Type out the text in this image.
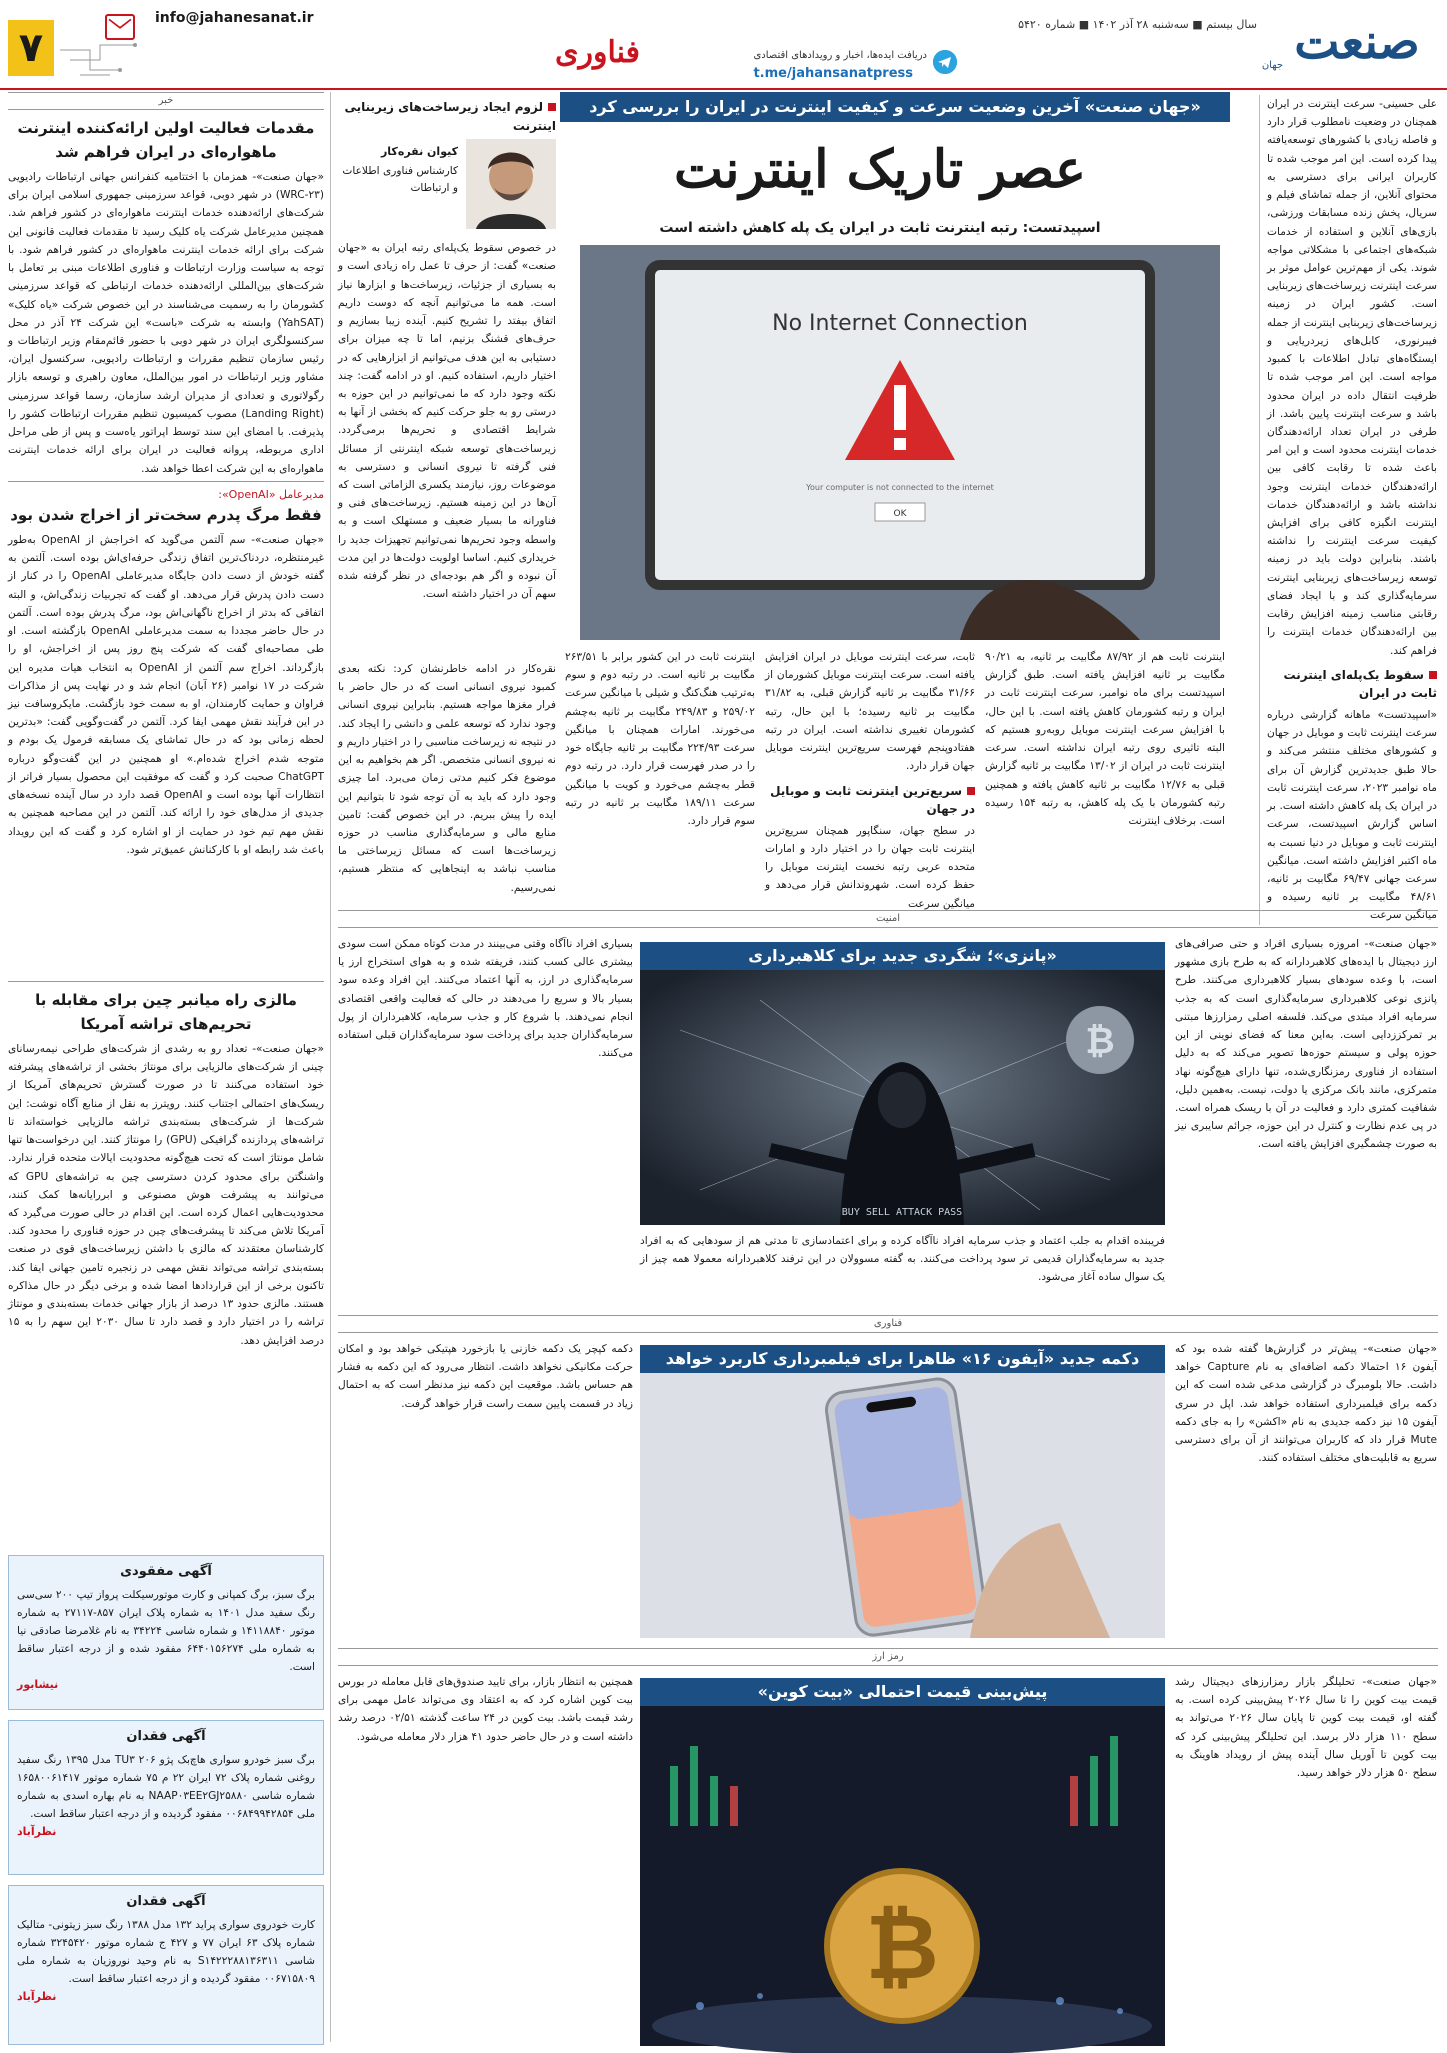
صنعت
جهان
سال بیستم ■ سه‌شنبه ۲۸ آذر ۱۴۰۲ ■ شماره ۵۴۲۰
دریافت ایده‌ها، اخبار و رویدادهای اقتصادی
t.me/jahansanatpress
فناوری
info@jahanesanat.ir
۷
علی حسینی- سرعت اینترنت در ایران همچنان در وضعیت نامطلوب قرار دارد و فاصله زیادی با کشورهای توسعه‌یافته پیدا کرده است. این امر موجب شده تا کاربران ایرانی برای دسترسی به محتوای آنلاین، از جمله تماشای فیلم و سریال، پخش زنده مسابقات ورزشی، بازی‌های آنلاین و استفاده از خدمات شبکه‌های اجتماعی با مشکلاتی مواجه شوند. یکی از مهم‌ترین عوامل موثر بر سرعت اینترنت زیرساخت‌های زیربنایی است. کشور ایران در زمینه زیرساخت‌های زیربنایی اینترنت از جمله فیبرنوری، کابل‌های زیردریایی و ایستگاه‌های تبادل اطلاعات با کمبود مواجه است. این امر موجب شده تا ظرفیت انتقال داده در ایران محدود باشد و سرعت اینترنت پایین باشد. از طرفی در ایران تعداد ارائه‌دهندگان خدمات اینترنت محدود است و این امر باعث شده تا رقابت کافی بین ارائه‌دهندگان خدمات اینترنت وجود نداشته باشد و ارائه‌دهندگان خدمات اینترنت انگیزه کافی برای افزایش کیفیت سرعت اینترنت را نداشته باشند. بنابراین دولت باید در زمینه توسعه زیرساخت‌های زیربنایی اینترنت سرمایه‌گذاری کند و با ایجاد فضای رقابتی مناسب زمینه افزایش رقابت بین ارائه‌دهندگان خدمات اینترنت را فراهم کند.
سقوط یک‌پله‌ای اینترنت ثابت در ایران
«اسپیدتست» ماهانه گزارشی درباره سرعت اینترنت ثابت و موبایل در جهان و کشورهای مختلف منتشر می‌کند و حالا طبق جدیدترین گزارش آن برای ماه نوامبر ۲۰۲۳، سرعت اینترنت ثابت در ایران یک پله کاهش داشته است. بر اساس گزارش اسپیدتست، سرعت اینترنت ثابت و موبایل در دنیا نسبت به ماه اکتبر افزایش داشته است. میانگین سرعت جهانی ۶۹/۴۷ مگابیت بر ثانیه، ۴۸/۶۱ مگابیت بر ثانیه رسیده و میانگین سرعت
«جهان صنعت» آخرین وضعیت سرعت و کیفیت اینترنت در ایران را بررسی کرد
عصر تاریک اینترنت
اسپیدتست: رتبه اینترنت ثابت در ایران یک پله کاهش داشته است
No Internet Connection
Your computer is not connected to the internet
OK
اینترنت ثابت هم از ۸۷/۹۲ مگابیت بر ثانیه، به ۹۰/۲۱ مگابیت بر ثانیه افزایش یافته است. طبق گزارش اسپیدتست برای ماه نوامبر، سرعت اینترنت ثابت در ایران و رتبه کشورمان کاهش یافته است. با این حال، با افزایش سرعت اینترنت موبایل روبه‌رو هستیم که البته تاثیری روی رتبه ایران نداشته است. سرعت اینترنت ثابت در ایران از ۱۳/۰۲ مگابیت بر ثانیه گزارش قبلی به ۱۲/۷۶ مگابیت بر ثانیه کاهش یافته و همچنین رتبه کشورمان با یک پله کاهش، به رتبه ۱۵۴ رسیده است. برخلاف اینترنت
ثابت، سرعت اینترنت موبایل در ایران افزایش یافته است. سرعت اینترنت موبایل کشورمان از ۳۱/۶۶ مگابیت بر ثانیه گزارش قبلی، به ۳۱/۸۲ مگابیت بر ثانیه رسیده؛ با این حال، رتبه کشورمان تغییری نداشته است. ایران در رتبه هفتادوپنجم فهرست سریع‌ترین اینترنت موبایل جهان قرار دارد.
سریع‌ترین اینترنت ثابت و موبایل در جهان
در سطح جهان، سنگاپور همچنان سریع‌ترین اینترنت ثابت جهان را در اختیار دارد و امارات متحده عربی رتبه نخست اینترنت موبایل را حفظ کرده است. شهروندانش قرار می‌دهد و میانگین سرعت
اینترنت ثابت در این کشور برابر با ۲۶۳/۵۱ مگابیت بر ثانیه است. در رتبه دوم و سوم به‌ترتیب هنگ‌کنگ و شیلی با میانگین سرعت ۲۵۹/۰۲ و ۲۴۹/۸۳ مگابیت بر ثانیه به‌چشم می‌خورند. امارات همچنان با میانگین سرعت ۲۲۴/۹۳ مگابیت بر ثانیه جایگاه خود را در صدر فهرست قرار دارد. در رتبه دوم قطر به‌چشم می‌خورد و کویت با میانگین سرعت ۱۸۹/۱۱ مگابیت بر ثانیه در رتبه سوم قرار دارد.
لزوم ایجاد زیرساخت‌های زیربنایی اینترنت
کیوان نقره‌کار
کارشناس فناوری اطلاعات و ارتباطات
در خصوص سقوط یک‌پله‌ای رتبه ایران به «جهان صنعت» گفت: از حرف تا عمل راه زیادی است و به بسیاری از جزئیات، زیرساخت‌ها و ابزارها نیاز است. همه ما می‌توانیم آنچه که دوست داریم اتفاق بیفتد را تشریح کنیم. آینده زیبا بسازیم و حرف‌های قشنگ بزنیم، اما تا چه میزان برای دستیابی به این هدف می‌توانیم از ابزارهایی که در اختیار داریم، استفاده کنیم. او در ادامه گفت: چند نکته وجود دارد که ما نمی‌توانیم در این حوزه به درستی رو به جلو حرکت کنیم که بخشی از آنها به شرایط اقتصادی و تحریم‌ها برمی‌گردد. زیرساخت‌های توسعه شبکه اینترنتی از مسائل فنی گرفته تا نیروی انسانی و دسترسی به موضوعات روز، نیازمند یکسری الزاماتی است که آن‌ها در این زمینه هستیم. زیرساخت‌های فنی و فناورانه ما بسیار ضعیف و مستهلک است و به واسطه وجود تحریم‌ها نمی‌توانیم تجهیزات جدید را خریداری کنیم. اساسا اولویت دولت‌ها در این مدت آن نبوده و اگر هم بودجه‌ای در نظر گرفته شده سهم آن در اختیار داشته است.
نقره‌کار در ادامه خاطرنشان کرد: نکته بعدی کمبود نیروی انسانی است که در حال حاضر با فرار مغزها مواجه هستیم. بنابراین نیروی انسانی وجود ندارد که توسعه علمی و دانشی را ایجاد کند. در نتیجه نه زیرساخت مناسبی را در اختیار داریم و نه نیروی انسانی متخصص. اگر هم بخواهیم به این موضوع فکر کنیم مدتی زمان می‌برد. اما چیزی وجود دارد که باید به آن توجه شود تا بتوانیم این ایده را پیش ببریم. در این خصوص گفت: تامین منابع مالی و سرمایه‌گذاری مناسب در حوزه زیرساخت‌ها است که مسائل زیرساختی ما مناسب نباشد به اینجاهایی که منتظر هستیم، نمی‌رسیم.
خبر
مقدمات فعالیت اولین ارائه‌کننده اینترنت ماهواره‌ای در ایران فراهم شد
«جهان صنعت»- همزمان با اختتامیه کنفرانس جهانی ارتباطات رادیویی (WRC-۲۳) در شهر دوبی، قواعد سرزمینی جمهوری اسلامی ایران برای شرکت‌های ارائه‌دهنده خدمات اینترنت ماهواره‌ای در کشور فراهم شد. همچنین مدیرعامل شرکت یاه کلیک رسید تا مقدمات فعالیت قانونی این شرکت برای ارائه خدمات اینترنت ماهواره‌ای در کشور فراهم شود. با توجه به سیاست وزارت ارتباطات و فناوری اطلاعات مبنی بر تعامل با شرکت‌های بین‌المللی ارائه‌دهنده خدمات ارتباطی که قواعد سرزمینی کشورمان را به رسمیت می‌شناسند در این خصوص شرکت «یاه کلیک» (YahSAT) وابسته به شرکت «باست» این شرکت ۲۴ آذر در محل سرکنسولگری ایران در شهر دوبی با حضور قائم‌مقام وزیر ارتباطات و رئیس سازمان تنظیم مقررات و ارتباطات رادیویی، سرکنسول ایران، مشاور وزیر ارتباطات در امور بین‌الملل، معاون راهبری و توسعه بازار رگولاتوری و تعدادی از مدیران ارشد سازمان، رسما قواعد سرزمینی (Landing Right) مصوب کمیسیون تنظیم مقررات ارتباطات کشور را پذیرفت. با امضای این سند توسط اپراتور یاه‌ست و پس از طی مراحل اداری مربوطه، پروانه فعالیت در ایران برای ارائه خدمات اینترنت ماهواره‌ای به این شرکت اعطا خواهد شد.
مدیرعامل «OpenAI»:
فقط مرگ پدرم سخت‌تر از اخراج شدن بود
«جهان صنعت»- سم آلتمن می‌گوید که اخراجش از OpenAI به‌طور غیرمنتظره، دردناک‌ترین اتفاق زندگی حرفه‌ای‌اش بوده است. آلتمن به گفته خودش از دست دادن جایگاه مدیرعاملی OpenAI را در کنار از دست دادن پدرش قرار می‌دهد. او گفت که تجربیات زندگی‌اش، و البته اتفاقی که بدتر از اخراج ناگهانی‌اش بود، مرگ پدرش بوده است. آلتمن در حال حاضر مجددا به سمت مدیرعاملی OpenAI بازگشته است. او طی مصاحبه‌ای گفت که شرکت پنج روز پس از اخراجش، او را بازگرداند. اخراج سم آلتمن از OpenAI به انتخاب هیات مدیره این شرکت در ۱۷ نوامبر (۲۶ آبان) انجام شد و در نهایت پس از مذاکرات فراوان و حمایت کارمندان، او به سمت خود بازگشت. مایکروسافت نیز در این فرآیند نقش مهمی ایفا کرد. آلتمن در گفت‌وگویی گفت: «بدترین لحظه زمانی بود که در حال تماشای یک مسابقه فرمول یک بودم و متوجه شدم اخراج شده‌ام.» او همچنین در این گفت‌وگو درباره ChatGPT صحبت کرد و گفت که موفقیت این محصول بسیار فراتر از انتظارات آنها بوده است و OpenAI قصد دارد در سال آینده نسخه‌های جدیدی از مدل‌های خود را ارائه کند. آلتمن در این مصاحبه همچنین به نقش مهم تیم خود در حمایت از او اشاره کرد و گفت که این رویداد باعث شد رابطه او با کارکنانش عمیق‌تر شود.
مالزی راه میانبر چین برای مقابله با تحریم‌های تراشه آمریکا
«جهان صنعت»- تعداد رو به رشدی از شرکت‌های طراحی نیمه‌رسانای چینی از شرکت‌های مالزیایی برای مونتاژ بخشی از تراشه‌های پیشرفته خود استفاده می‌کنند تا در صورت گسترش تحریم‌های آمریکا از ریسک‌های احتمالی اجتناب کنند. رویترز به نقل از منابع آگاه نوشت: این شرکت‌ها از شرکت‌های بسته‌بندی تراشه مالزیایی خواسته‌اند تا تراشه‌های پردازنده گرافیکی (GPU) را مونتاژ کنند. این درخواست‌ها تنها شامل مونتاژ است که تحت هیچ‌گونه محدودیت ایالات متحده قرار ندارد. واشنگتن برای محدود کردن دسترسی چین به تراشه‌های GPU که می‌توانند به پیشرفت هوش مصنوعی و ابررایانه‌ها کمک کنند، محدودیت‌هایی اعمال کرده است. این اقدام در حالی صورت می‌گیرد که آمریکا تلاش می‌کند تا پیشرفت‌های چین در حوزه فناوری را محدود کند. کارشناسان معتقدند که مالزی با داشتن زیرساخت‌های قوی در صنعت بسته‌بندی تراشه می‌تواند نقش مهمی در زنجیره تامین جهانی ایفا کند. تاکنون برخی از این قراردادها امضا شده و برخی دیگر در حال مذاکره هستند. مالزی حدود ۱۳ درصد از بازار جهانی خدمات بسته‌بندی و مونتاژ تراشه را در اختیار دارد و قصد دارد تا سال ۲۰۳۰ این سهم را به ۱۵ درصد افزایش دهد.
آگهی مفقودی
برگ سبز، برگ کمپانی و کارت موتورسیکلت پرواز تیپ ۲۰۰ سی‌سی رنگ سفید مدل ۱۴۰۱ به شماره پلاک ایران ۸۵۷-۲۷۱۱۷ به شماره موتور ۱۴۱۱۸۸۴۰ و شماره شاسی ۳۴۲۲۴ به نام غلامرضا صادقی نیا به شماره ملی ۶۴۴۰۱۵۶۲۷۴ مفقود شده و از درجه اعتبار ساقط است.
نیشابور
آگهی فقدان
برگ سبز خودرو سواری هاچ‌بک پژو ۲۰۶ TU۳ مدل ۱۳۹۵ رنگ سفید روغنی شماره پلاک ۷۲ ایران ۲۲ م ۷۵ شماره موتور ۱۶۵۸۰۰۶۱۴۱۷ شماره شاسی NAAP۰۳EE۲GJ۲۵۸۸۰ به نام بهاره اسدی به شماره ملی ۰۰۶۸۴۹۹۴۲۸۵۴ مفقود گردیده و از درجه اعتبار ساقط است.
نظرآباد
آگهی فقدان
کارت خودروی سواری پراید ۱۳۲ مدل ۱۳۸۸ رنگ سبز زیتونی- متالیک شماره پلاک ۶۳ ایران ۷۷ و ۴۲۷ ج شماره موتور ۳۲۴۵۴۲۰ شماره شاسی S۱۴۲۲۲۸۸۱۳۶۳۱۱ به نام وحید نوروزیان به شماره ملی ۰۰۶۷۱۵۸۰۹ مفقود گردیده و از درجه اعتبار ساقط است.
نظرآباد
امنیت
«پانزی»؛ شگردی جدید برای کلاهبرداری
₿
BUY SELL ATTACK PASS
«جهان صنعت»- امروزه بسیاری افراد و حتی صرافی‌های ارز دیجیتال با ایده‌های کلاهبردارانه که به طرح بازی مشهور است، با وعده سودهای بسیار کلاهبرداری می‌کنند. طرح پانزی نوعی کلاهبرداری سرمایه‌گذاری است که به جذب سرمایه افراد مبتدی می‌کند. فلسفه اصلی رمزارزها مبتنی بر تمرکززدایی است. به‌این معنا که فضای نوینی از این حوزه پولی و سیستم حوزه‌ها تصویر می‌کند که به دلیل استفاده از فناوری رمزنگاری‌شده، تنها دارای هیچ‌گونه نهاد متمرکزی، مانند بانک مرکزی یا دولت، نیست. به‌همین دلیل، شفافیت کمتری دارد و فعالیت در آن با ریسک همراه است. در پی عدم نظارت و کنترل در این حوزه، جرائم سایبری نیز به صورت چشمگیری افزایش یافته است.
بسیاری افراد ناآگاه وقتی می‌بینند در مدت کوتاه ممکن است سودی بیشتری عالی کسب کنند، فریفته شده و به هوای استخراج ارز یا سرمایه‌گذاری در ارز، به آنها اعتماد می‌کنند. این افراد وعده سود بسیار بالا و سریع را می‌دهند در حالی که فعالیت واقعی اقتصادی انجام نمی‌دهند. با شروع کار و جذب سرمایه، کلاهبرداران از پول سرمایه‌گذاران جدید برای پرداخت سود سرمایه‌گذاران قبلی استفاده می‌کنند.
فریبنده اقدام به جلب اعتماد و جذب سرمایه افراد ناآگاه کرده و برای اعتمادسازی تا مدتی هم از سودهایی که به افراد جدید به سرمایه‌گذاران قدیمی تر سود پرداخت می‌کنند. به گفته مسوولان در این ترفند کلاهبردارانه معمولا همه چیز از یک سوال ساده آغاز می‌شود.
فناوری
دکمه جدید «آیفون ۱۶» ظاهرا برای فیلمبرداری کاربرد خواهد	«جهان صنعت»- پیش‌تر در گزارش‌ها گفته شده بود که آیفون ۱۶ احتمالا دکمه اضافه‌ای به نام Capture خواهد داشت. حالا بلومبرگ در گزارشی مدعی شده است که این دکمه برای فیلمبرداری استفاده خواهد شد. اپل در سری آیفون ۱۵ نیز دکمه جدیدی به نام «اکشن» را به جای دکمه Mute قرار داد که کاربران می‌توانند از آن برای دسترسی سریع به قابلیت‌های مختلف استفاده کنند.
دکمه کپچر یک دکمه خازنی یا بازخورد هپتیکی خواهد بود و امکان حرکت مکانیکی نخواهد داشت. انتظار می‌رود که این دکمه به فشار هم حساس باشد. موقعیت این دکمه نیز مدنظر است که به احتمال زیاد در قسمت پایین سمت راست قرار خواهد گرفت.
رمز ارز
پیش‌بینی قیمت احتمالی «بیت کوین»
₿
«جهان صنعت»- تحلیلگر بازار رمزارزهای دیجیتال رشد قیمت بیت کوین را تا سال ۲۰۲۶ پیش‌بینی کرده است. به گفته او، قیمت بیت کوین تا پایان سال ۲۰۲۶ می‌تواند به سطح ۱۱۰ هزار دلار برسد. این تحلیلگر پیش‌بینی کرد که بیت کوین تا آوریل سال آینده پیش از رویداد هاوینگ به سطح ۵۰ هزار دلار خواهد رسید.
همچنین به انتظار بازار، برای تایید صندوق‌های قابل معامله در بورس بیت کوین اشاره کرد که به اعتقاد وی می‌تواند عامل مهمی برای رشد قیمت باشد. بیت کوین در ۲۴ ساعت گذشته ۰۲/۵۱ درصد رشد داشته است و در حال حاضر حدود ۴۱ هزار دلار معامله می‌شود.
